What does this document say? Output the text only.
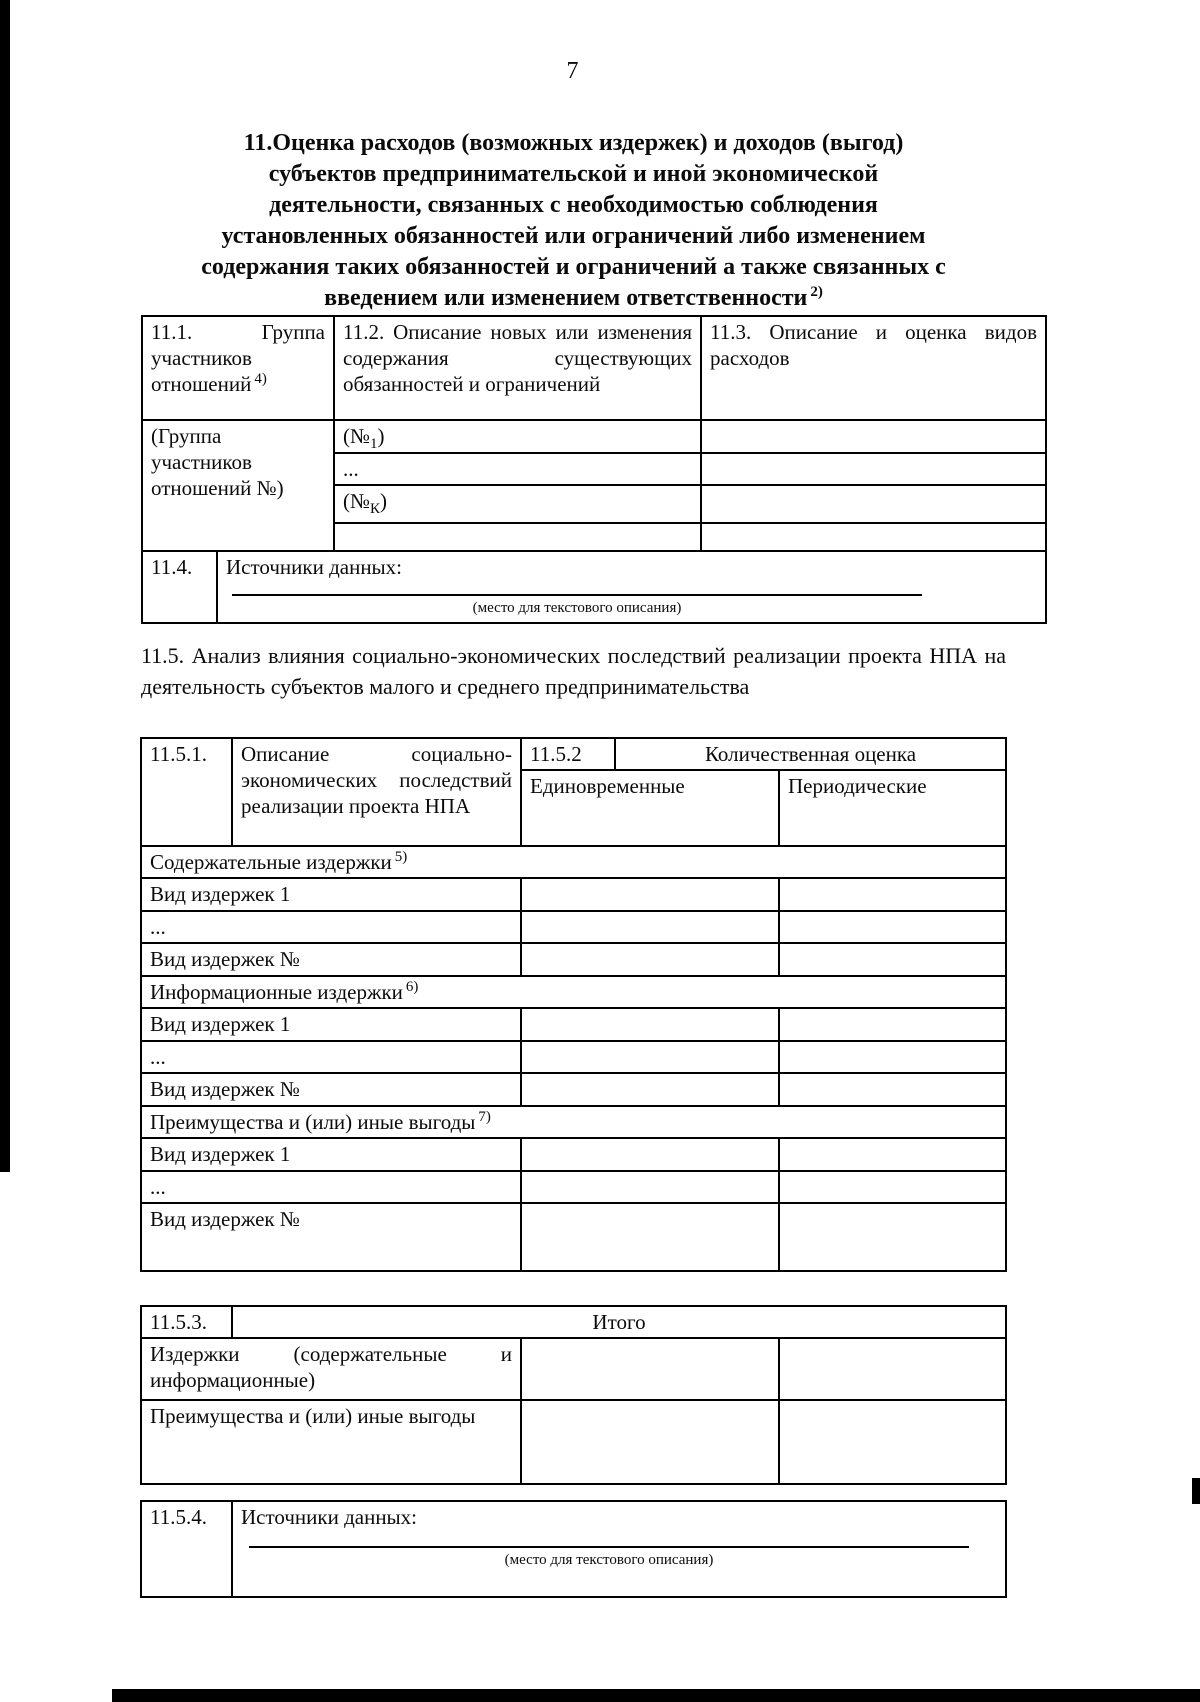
7
11.Оценка расходов (возможных издержек) и доходов (выгод)
субъектов предпринимательской и иной экономической
деятельности, связанных с необходимостью соблюдения
установленных обязанностей или ограничений либо изменением
содержания таких обязанностей и ограничений а также связанных с
введением или изменением ответственности $^{2)}$
11.1. Группа участников отношений $^{4)}$		11.2. Описание новых или изменения содержания существующих обязанностей и ограничений	11.3. Описание и оценка видов расходов
(Группа участников отношений №)		$(№_1)$	
		...	
		$(№_К)$	

11.4.	Источники данных:
(место для текстового описания)		
11.5. Анализ влияния социально-экономических последствий реализации проекта НПА на деятельность субъектов малого и среднего предпринимательства
11.5.1.	Описание социально-экономических последствий реализации проекта НПА	11.5.2	Количественная оценка	
		Единовременные		Периодические
Содержательные издержки $^{5)}$
Вид издержек 1				
...				
Вид издержек №				
Информационные издержки $^{6)}$
Вид издержек 1				
...				
Вид издержек №				
Преимущества и (или) иные выгоды $^{7)}$
Вид издержек 1				
...				
Вид издержек №				
11.5.3.	Итого		
Издержки (содержательные и информационные)			
Преимущества и (или) иные выгоды			
11.5.4.	Источники данных:
(место для текстового описания)
